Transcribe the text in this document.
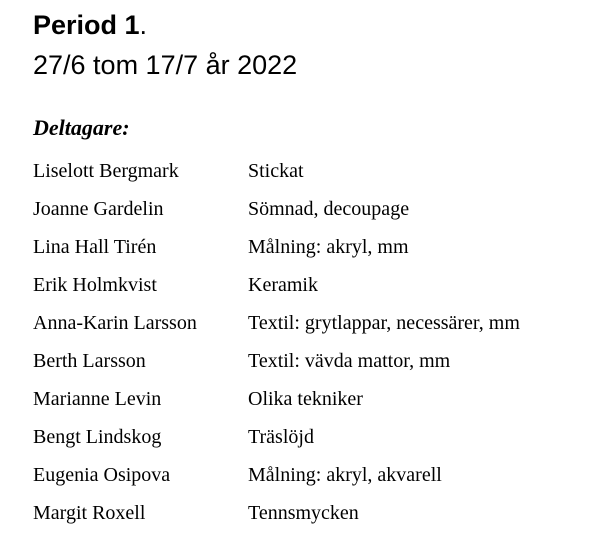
Period 1.
27/6 tom 17/7 år 2022
Deltagare:
Liselott Bergmark	Stickat
Joanne Gardelin	Sömnad, decoupage
Lina Hall Tirén	Målning: akryl, mm
Erik Holmkvist	Keramik
Anna-Karin Larsson	Textil: grytlappar, necessärer, mm
Berth Larsson	Textil: vävda mattor, mm
Marianne Levin	Olika tekniker
Bengt Lindskog	Träslöjd
Eugenia Osipova	Målning: akryl, akvarell
Margit Roxell	Tennsmycken
